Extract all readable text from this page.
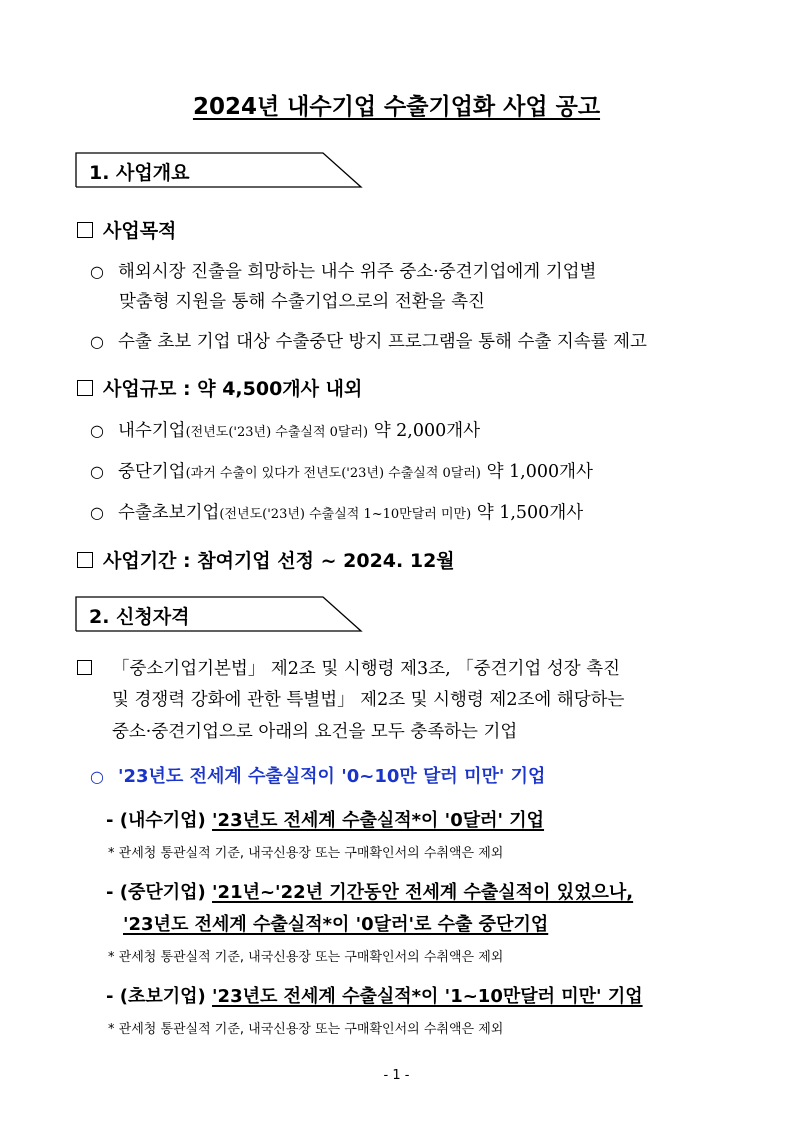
2024년 내수기업 수출기업화 사업 공고
1. 사업개요
사업목적
○ 해외시장 진출을 희망하는 내수 위주 중소·중견기업에게 기업별
맞춤형 지원을 통해 수출기업으로의 전환을 촉진
○ 수출 초보 기업 대상 수출중단 방지 프로그램을 통해 수출 지속률 제고
사업규모 : 약 4,500개사 내외
○ 내수기업(전년도('23년) 수출실적 0달러) 약 2,000개사
○ 중단기업(과거 수출이 있다가 전년도('23년) 수출실적 0달러) 약 1,000개사
○ 수출초보기업(전년도('23년) 수출실적 1~10만달러 미만) 약 1,500개사
사업기간 : 참여기업 선정 ~ 2024. 12월
2. 신청자격
「중소기업기본법」 제2조 및 시행령 제3조, 「중견기업 성장 촉진
및 경쟁력 강화에 관한 특별법」 제2조 및 시행령 제2조에 해당하는
중소·중견기업으로 아래의 요건을 모두 충족하는 기업
○ '23년도 전세계 수출실적이 '0~10만 달러 미만' 기업
- (내수기업) '23년도 전세계 수출실적*이 '0달러' 기업
* 관세청 통관실적 기준, 내국신용장 또는 구매확인서의 수취액은 제외
- (중단기업) '21년~'22년 기간동안 전세계 수출실적이 있었으나,
'23년도 전세계 수출실적*이 '0달러'로 수출 중단기업
* 관세청 통관실적 기준, 내국신용장 또는 구매확인서의 수취액은 제외
- (초보기업) '23년도 전세계 수출실적*이 '1~10만달러 미만' 기업
* 관세청 통관실적 기준, 내국신용장 또는 구매확인서의 수취액은 제외
- 1 -
